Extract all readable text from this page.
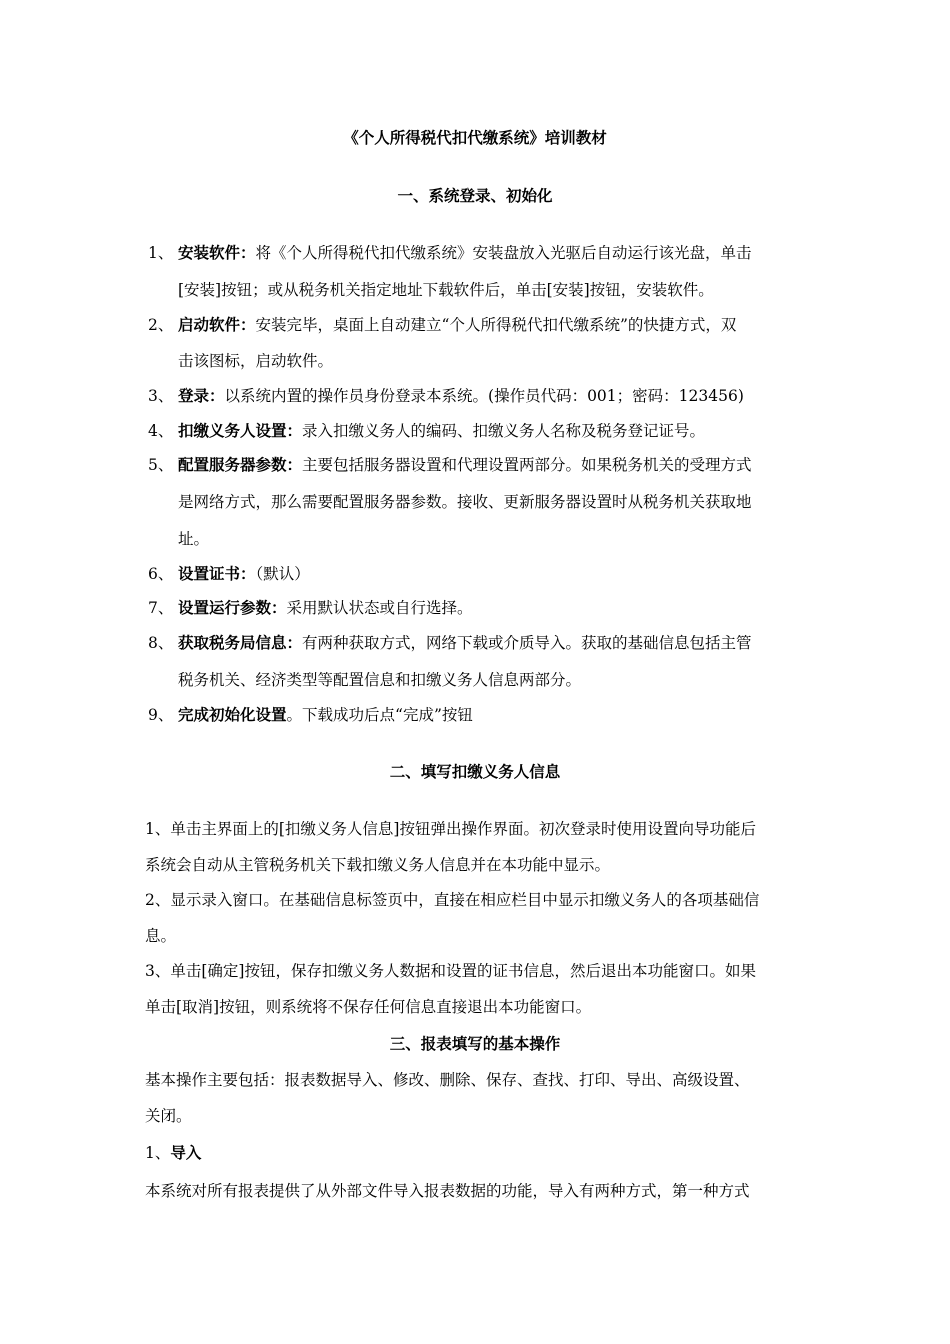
《个人所得税代扣代缴系统》培训教材
一、系统登录、初始化
1、 安装软件：将《个人所得税代扣代缴系统》安装盘放入光驱后自动运行该光盘，单击
[安装]按钮；或从税务机关指定地址下载软件后，单击[安装]按钮，安装软件。
2、 启动软件：安装完毕，桌面上自动建立“个人所得税代扣代缴系统”的快捷方式，双
击该图标，启动软件。
3、 登录：以系统内置的操作员身份登录本系统。(操作员代码：001；密码：123456)
4、 扣缴义务人设置：录入扣缴义务人的编码、扣缴义务人名称及税务登记证号。
5、 配置服务器参数：主要包括服务器设置和代理设置两部分。如果税务机关的受理方式
是网络方式，那么需要配置服务器参数。接收、更新服务器设置时从税务机关获取地
址。
6、 设置证书：（默认）
7、 设置运行参数：采用默认状态或自行选择。
8、 获取税务局信息：有两种获取方式，网络下载或介质导入。获取的基础信息包括主管
税务机关、经济类型等配置信息和扣缴义务人信息两部分。
9、 完成初始化设置。下载成功后点“完成”按钮
二、填写扣缴义务人信息
1、单击主界面上的[扣缴义务人信息]按钮弹出操作界面。初次登录时使用设置向导功能后
系统会自动从主管税务机关下载扣缴义务人信息并在本功能中显示。
2、显示录入窗口。在基础信息标签页中，直接在相应栏目中显示扣缴义务人的各项基础信
息。
3、单击[确定]按钮，保存扣缴义务人数据和设置的证书信息，然后退出本功能窗口。如果
单击[取消]按钮，则系统将不保存任何信息直接退出本功能窗口。
三、报表填写的基本操作
基本操作主要包括：报表数据导入、修改、删除、保存、查找、打印、导出、高级设置、
关闭。
1、导入
本系统对所有报表提供了从外部文件导入报表数据的功能，导入有两种方式，第一种方式
